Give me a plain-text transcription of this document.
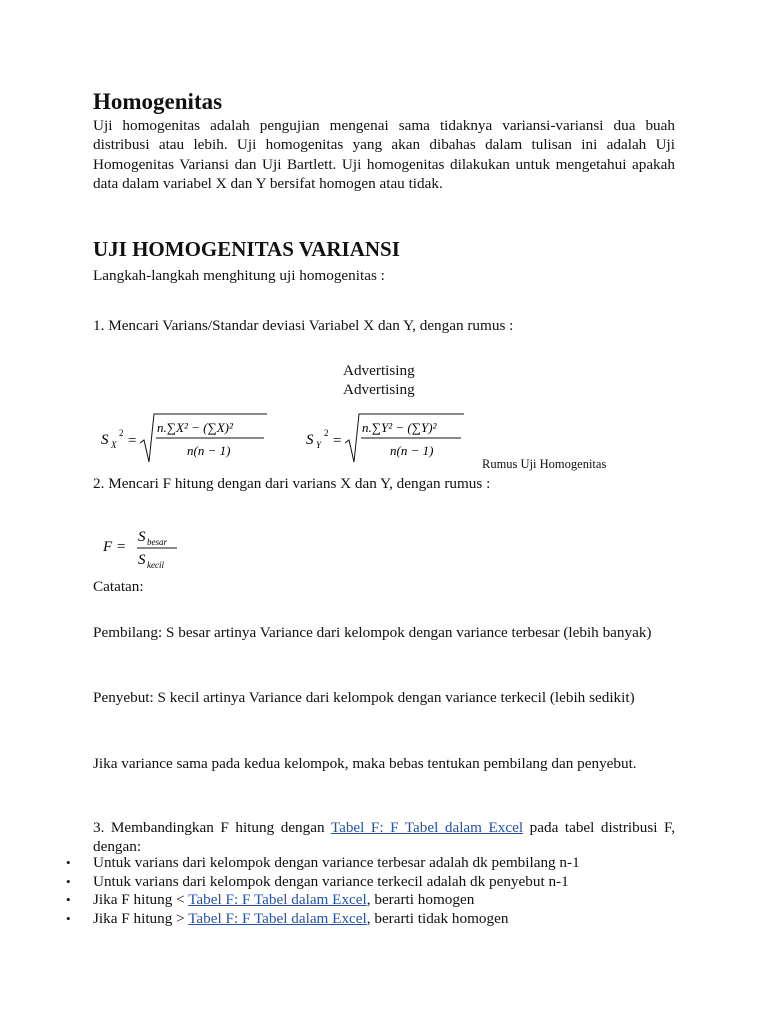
Homogenitas

Uji homogenitas adalah pengujian mengenai sama tidaknya variansi-variansi dua buah distribusi atau lebih. Uji homogenitas yang akan dibahas dalam tulisan ini adalah Uji Homogenitas Variansi dan Uji Bartlett. Uji homogenitas dilakukan untuk mengetahui apakah data dalam variabel X dan Y bersifat homogen atau tidak.

UJI HOMOGENITAS VARIANSI
Langkah-langkah menghitung uji homogenitas :
1. Mencari Varians/Standar deviasi Variabel X dan Y, dengan rumus :
Advertising
Advertising
S X
2 =
n.∑X² − (∑X)²
n(n − 1)
S Y
2 =
n.∑Y² − (∑Y)²
n(n − 1)
Rumus Uji Homogenitas
2. Mencari F hitung dengan dari varians X dan Y, dengan rumus :
F =
S besar
S kecil
Catatan:
Pembilang: S besar artinya Variance dari kelompok dengan variance terbesar (lebih banyak)
Penyebut: S kecil artinya Variance dari kelompok dengan variance terkecil (lebih sedikit)
Jika variance sama pada kedua kelompok, maka bebas tentukan pembilang dan penyebut.
3. Membandingkan F hitung dengan Tabel F: F Tabel dalam Excel pada tabel distribusi F, dengan:
• Untuk varians dari kelompok dengan variance terbesar adalah dk pembilang n-1
• Untuk varians dari kelompok dengan variance terkecil adalah dk penyebut n-1
• Jika F hitung < Tabel F: F Tabel dalam Excel, berarti homogen
• Jika F hitung > Tabel F: F Tabel dalam Excel, berarti tidak homogen
